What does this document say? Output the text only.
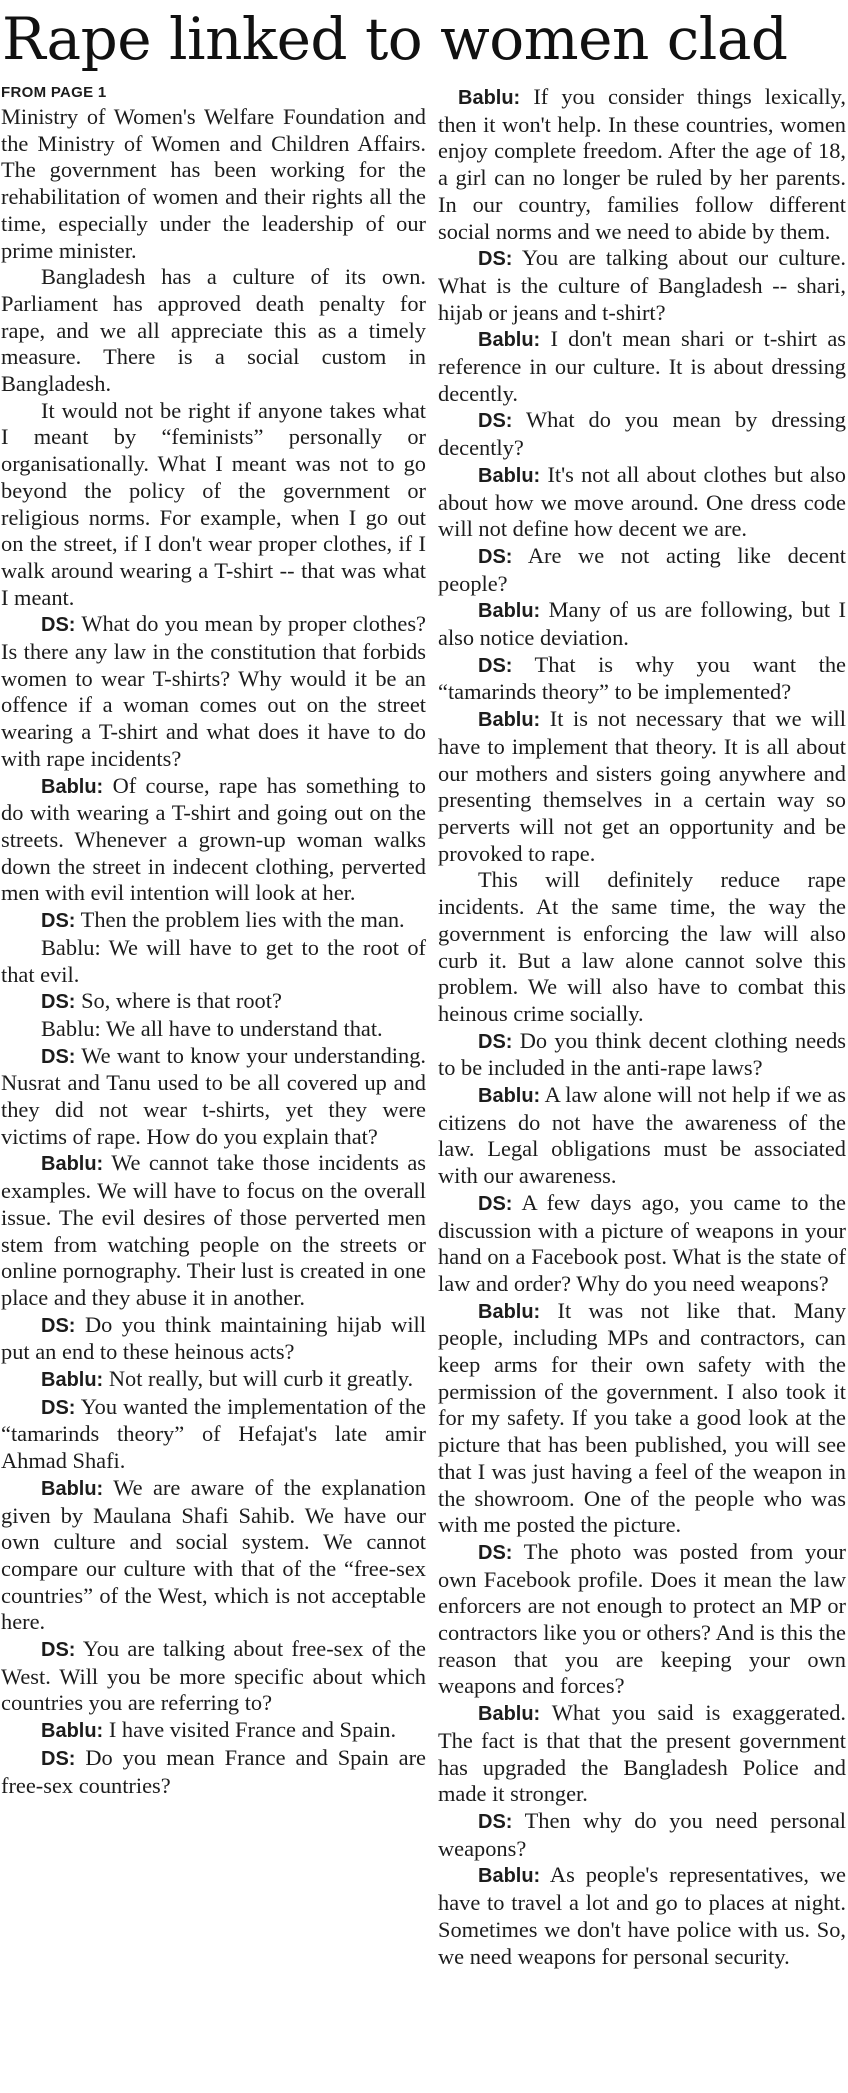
Rape linked to women clad
FROM PAGE 1

Ministry of Women's Welfare Foundation and the Ministry of Women and Children Affairs. The government has been working for the rehabilitation of women and their rights all the time, especially under the leadership of our prime minister.

Bangladesh has a culture of its own. Parliament has approved death penalty for rape, and we all appreciate this as a timely measure. There is a social custom in Bangladesh.

It would not be right if anyone takes what I meant by “feminists” personally or organisationally. What I meant was not to go beyond the policy of the government or religious norms. For example, when I go out on the street, if I don't wear proper clothes, if I walk around wearing a T-shirt -- that was what I meant.

DS: What do you mean by proper clothes? Is there any law in the constitution that forbids women to wear T-shirts? Why would it be an offence if a woman comes out on the street wearing a T-shirt and what does it have to do with rape incidents?

Bablu: Of course, rape has something to do with wearing a T-shirt and going out on the streets. Whenever a grown-up woman walks down the street in indecent clothing, perverted men with evil intention will look at her.

DS: Then the problem lies with the man.

Bablu: We will have to get to the root of that evil.

DS: So, where is that root?

Bablu: We all have to understand that.

DS: We want to know your understanding. Nusrat and Tanu used to be all covered up and they did not wear t-shirts, yet they were victims of rape. How do you explain that?

Bablu: We cannot take those incidents as examples. We will have to focus on the overall issue. The evil desires of those perverted men stem from watching people on the streets or online pornography. Their lust is created in one place and they abuse it in another.

DS: Do you think maintaining hijab will put an end to these heinous acts?

Bablu: Not really, but will curb it greatly.

DS: You wanted the implementation of the “tamarinds theory” of Hefajat's late amir Ahmad Shafi.

Bablu: We are aware of the explanation given by Maulana Shafi Sahib. We have our own culture and social system. We cannot compare our culture with that of the “free-sex countries” of the West, which is not acceptable here.

DS: You are talking about free-sex of the West. Will you be more specific about which countries you are referring to?

Bablu: I have visited France and Spain.

DS: Do you mean France and Spain are free-sex countries?

Bablu: If you consider things lexically, then it won't help. In these countries, women enjoy complete freedom. After the age of 18, a girl can no longer be ruled by her parents. In our country, families follow different social norms and we need to abide by them.

DS: You are talking about our culture. What is the culture of Bangladesh -- shari, hijab or jeans and t-shirt?

Bablu: I don't mean shari or t-shirt as reference in our culture. It is about dressing decently.

DS: What do you mean by dressing decently?

Bablu: It's not all about clothes but also about how we move around. One dress code will not define how decent we are.

DS: Are we not acting like decent people?

Bablu: Many of us are following, but I also notice deviation.

DS: That is why you want the “tamarinds theory” to be implemented?

Bablu: It is not necessary that we will have to implement that theory. It is all about our mothers and sisters going anywhere and presenting themselves in a certain way so perverts will not get an opportunity and be provoked to rape.

This will definitely reduce rape incidents. At the same time, the way the government is enforcing the law will also curb it. But a law alone cannot solve this problem. We will also have to combat this heinous crime socially.

DS: Do you think decent clothing needs to be included in the anti-rape laws?

Bablu: A law alone will not help if we as citizens do not have the awareness of the law. Legal obligations must be associated with our awareness.

DS: A few days ago, you came to the discussion with a picture of weapons in your hand on a Facebook post. What is the state of law and order? Why do you need weapons?

Bablu: It was not like that. Many people, including MPs and contractors, can keep arms for their own safety with the permission of the government. I also took it for my safety. If you take a good look at the picture that has been published, you will see that I was just having a feel of the weapon in the showroom. One of the people who was with me posted the picture.

DS: The photo was posted from your own Facebook profile. Does it mean the law enforcers are not enough to protect an MP or contractors like you or others? And is this the reason that you are keeping your own weapons and forces?

Bablu: What you said is exaggerated. The fact is that that the present government has upgraded the Bangladesh Police and made it stronger.

DS: Then why do you need personal weapons?

Bablu: As people's representatives, we have to travel a lot and go to places at night. Sometimes we don't have police with us. So, we need weapons for personal security.
